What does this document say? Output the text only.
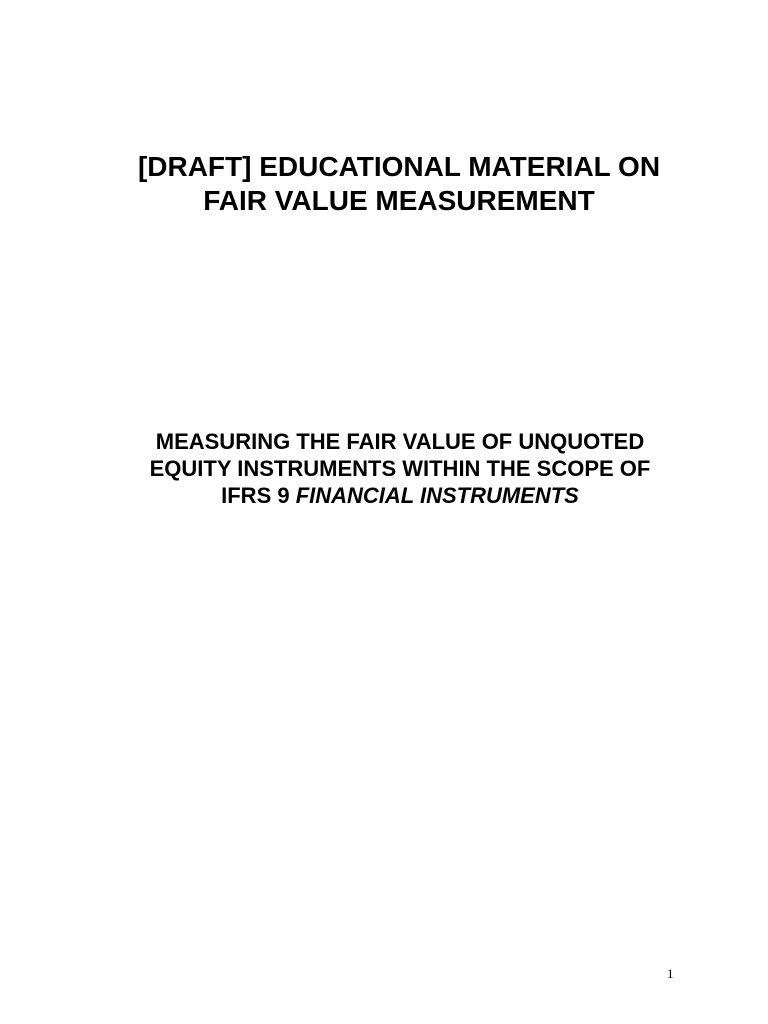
[DRAFT] EDUCATIONAL MATERIAL ON
FAIR VALUE MEASUREMENT
MEASURING THE FAIR VALUE OF UNQUOTED
EQUITY INSTRUMENTS WITHIN THE SCOPE OF
IFRS 9 FINANCIAL INSTRUMENTS
1
